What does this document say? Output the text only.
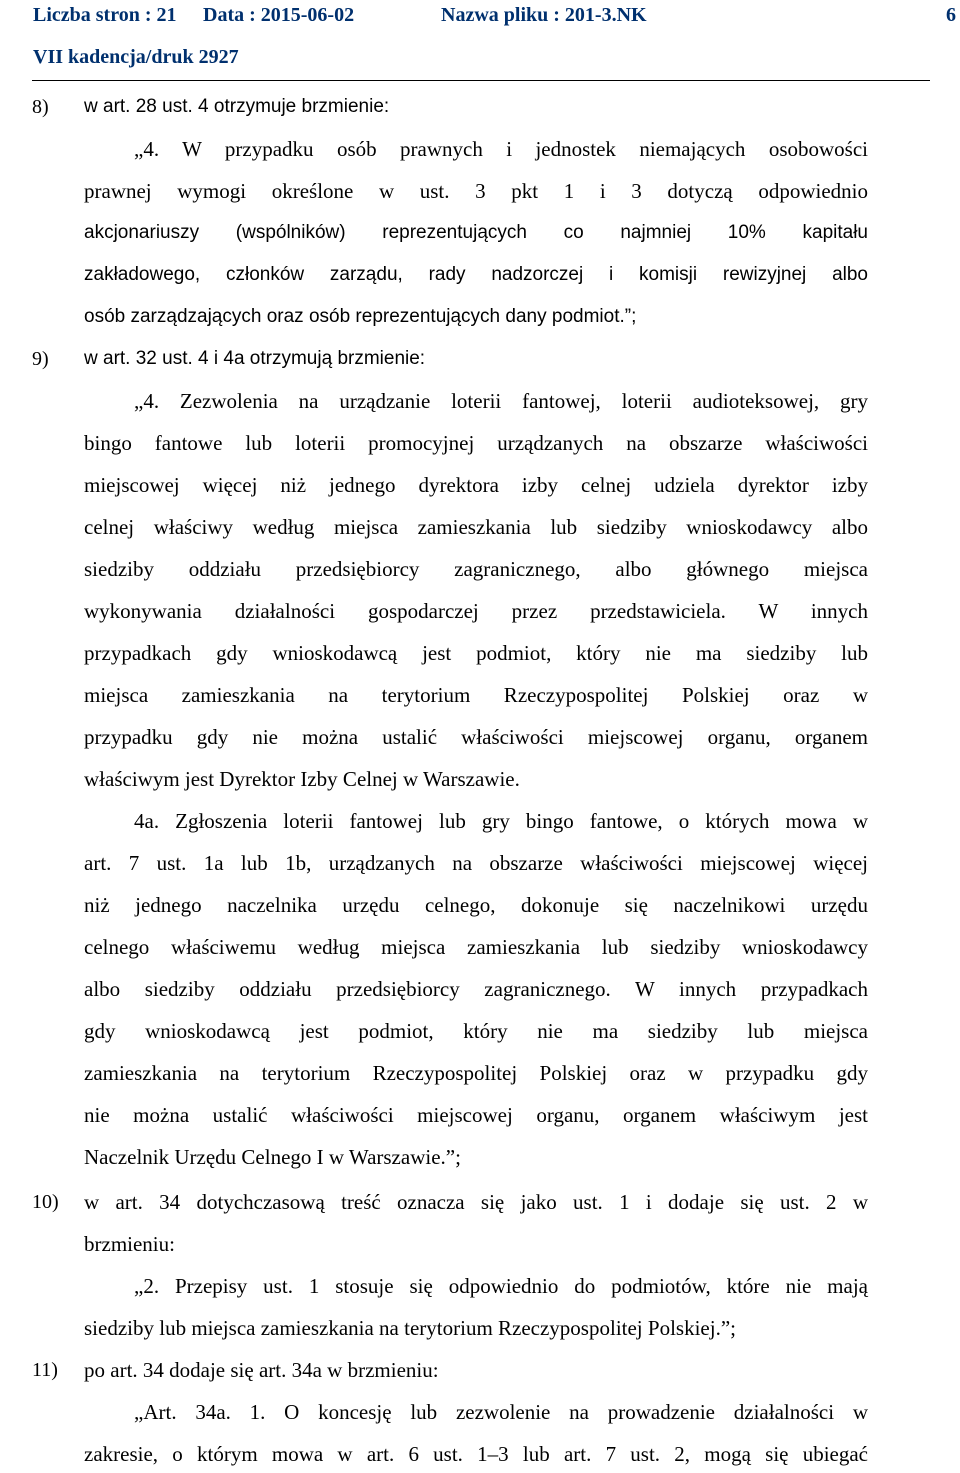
Liczba stron : 21 Data : 2015-06-02	Nazwa pliku : 201-3.NK	6
VII kadencja/druk 2927
8) w art. 28 ust. 4 otrzymuje brzmienie:
„4. W przypadku osób prawnych i jednostek niemających osobowości
prawnej wymogi określone w ust. 3 pkt 1 i 3 dotyczą odpowiednio
akcjonariuszy (wspólników) reprezentujących co najmniej 10% kapitału
zakładowego, członków zarządu, rady nadzorczej i komisji rewizyjnej albo
osób zarządzających oraz osób reprezentujących dany podmiot.”;
9) w art. 32 ust. 4 i 4a otrzymują brzmienie:
„4. Zezwolenia na urządzanie loterii fantowej, loterii audioteksowej, gry
bingo fantowe lub loterii promocyjnej urządzanych na obszarze właściwości
miejscowej więcej niż jednego dyrektora izby celnej udziela dyrektor izby
celnej właściwy według miejsca zamieszkania lub siedziby wnioskodawcy albo
siedziby oddziału przedsiębiorcy zagranicznego, albo głównego miejsca
wykonywania działalności gospodarczej przez przedstawiciela. W innych
przypadkach gdy wnioskodawcą jest podmiot, który nie ma siedziby lub
miejsca zamieszkania na terytorium Rzeczypospolitej Polskiej oraz w
przypadku gdy nie można ustalić właściwości miejscowej organu, organem
właściwym jest Dyrektor Izby Celnej w Warszawie.
4a. Zgłoszenia loterii fantowej lub gry bingo fantowe, o których mowa w
art. 7 ust. 1a lub 1b, urządzanych na obszarze właściwości miejscowej więcej
niż jednego naczelnika urzędu celnego, dokonuje się naczelnikowi urzędu
celnego właściwemu według miejsca zamieszkania lub siedziby wnioskodawcy
albo siedziby oddziału przedsiębiorcy zagranicznego. W innych przypadkach
gdy wnioskodawcą jest podmiot, który nie ma siedziby lub miejsca
zamieszkania na terytorium Rzeczypospolitej Polskiej oraz w przypadku gdy
nie można ustalić właściwości miejscowej organu, organem właściwym jest
Naczelnik Urzędu Celnego I w Warszawie.”;
10) w art. 34 dotychczasową treść oznacza się jako ust. 1 i dodaje się ust. 2 w
brzmieniu:
„2. Przepisy ust. 1 stosuje się odpowiednio do podmiotów, które nie mają
siedziby lub miejsca zamieszkania na terytorium Rzeczypospolitej Polskiej.”;
11) po art. 34 dodaje się art. 34a w brzmieniu:
„Art. 34a. 1. O koncesję lub zezwolenie na prowadzenie działalności w
zakresie, o którym mowa w art. 6 ust. 1–3 lub art. 7 ust. 2, mogą się ubiegać
